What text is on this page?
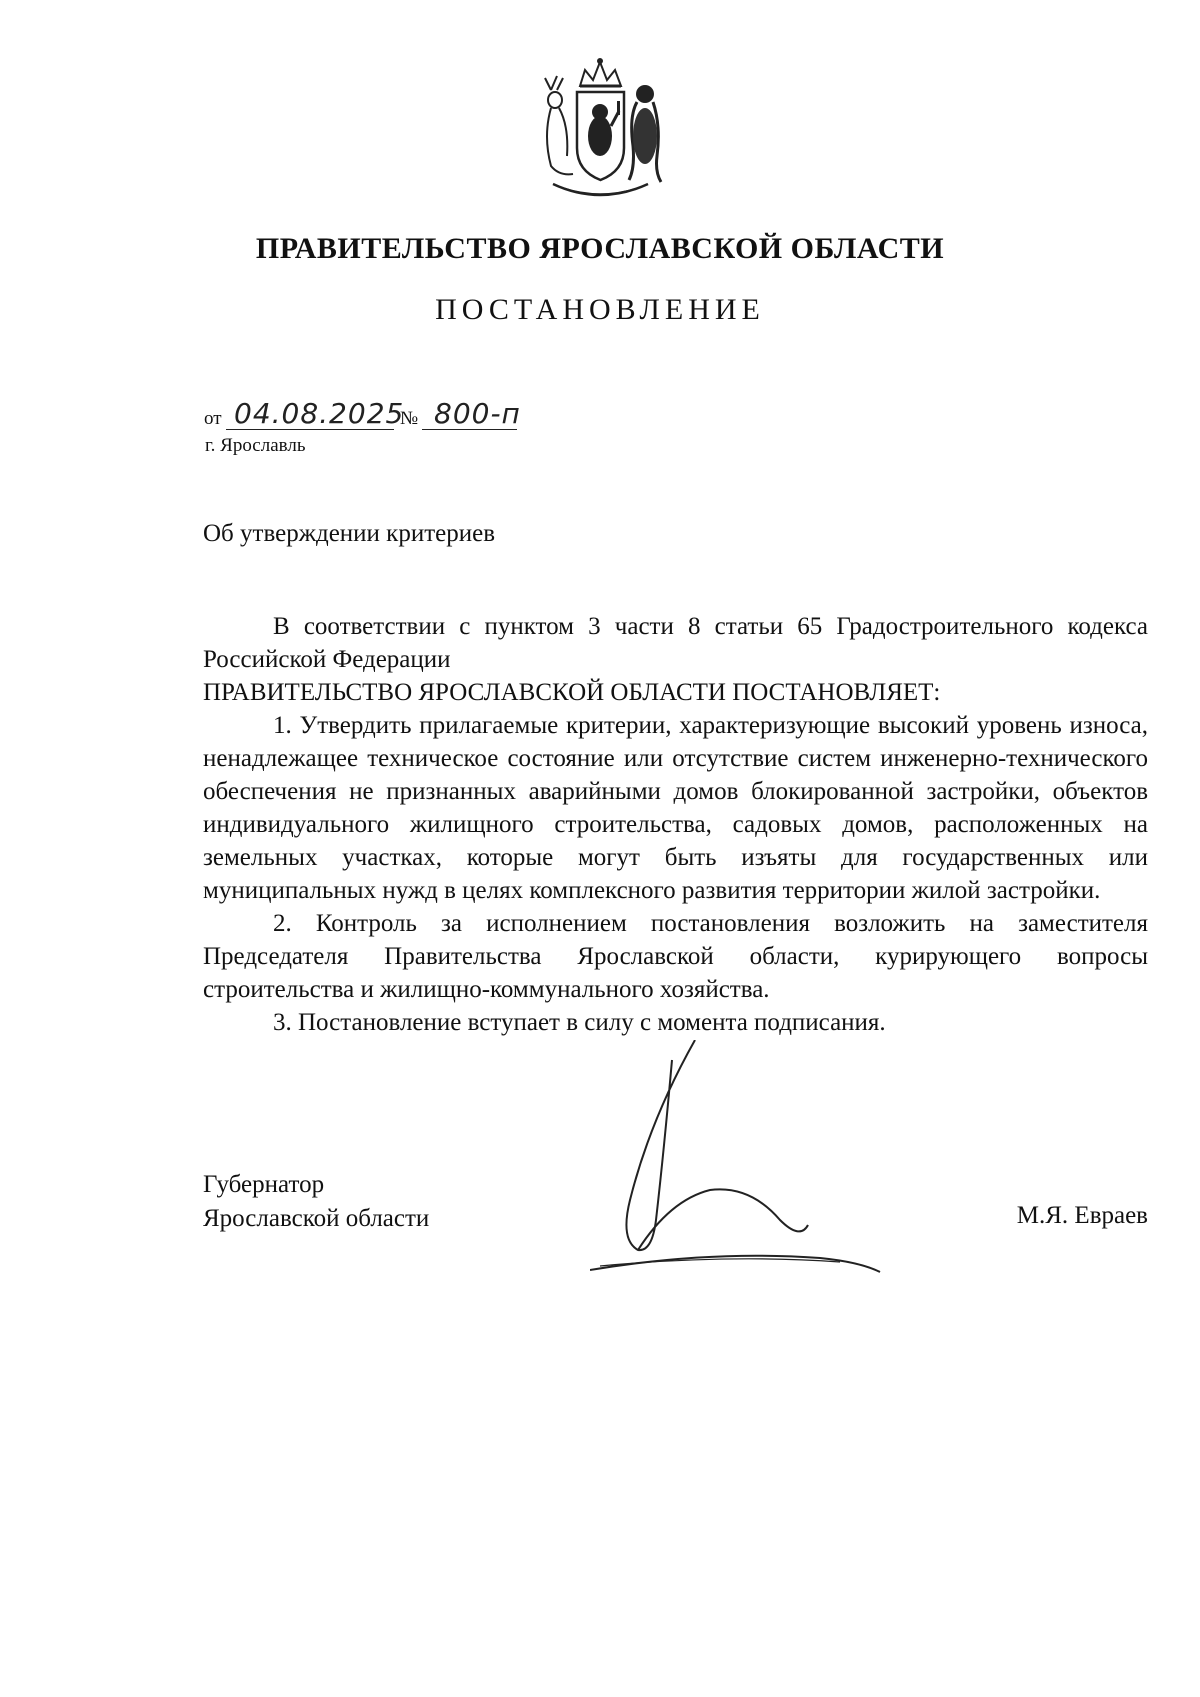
ПРАВИТЕЛЬСТВО ЯРОСЛАВСКОЙ ОБЛАСТИ
ПОСТАНОВЛЕНИЕ
от 04.08.2025
№ 800-п
г. Ярославль
Об утверждении критериев

В соответствии с пунктом 3 части 8 статьи 65 Градостроительного кодекса Российской Федерации

ПРАВИТЕЛЬСТВО ЯРОСЛАВСКОЙ ОБЛАСТИ ПОСТАНОВЛЯЕТ:

1. Утвердить прилагаемые критерии, характеризующие высокий уровень износа, ненадлежащее техническое состояние или отсутствие систем инженерно-технического обеспечения не признанных аварийными домов блокированной застройки, объектов индивидуального жилищного строительства, садовых домов, расположенных на земельных участках, которые могут быть изъяты для государственных или муниципальных нужд в целях комплексного развития территории жилой застройки.

2. Контроль за исполнением постановления возложить на заместителя Председателя Правительства Ярославской области, курирующего вопросы строительства и жилищно-коммунального хозяйства.

3. Постановление вступает в силу с момента подписания.

Губернатор
Ярославской области	М.Я. Евраев
